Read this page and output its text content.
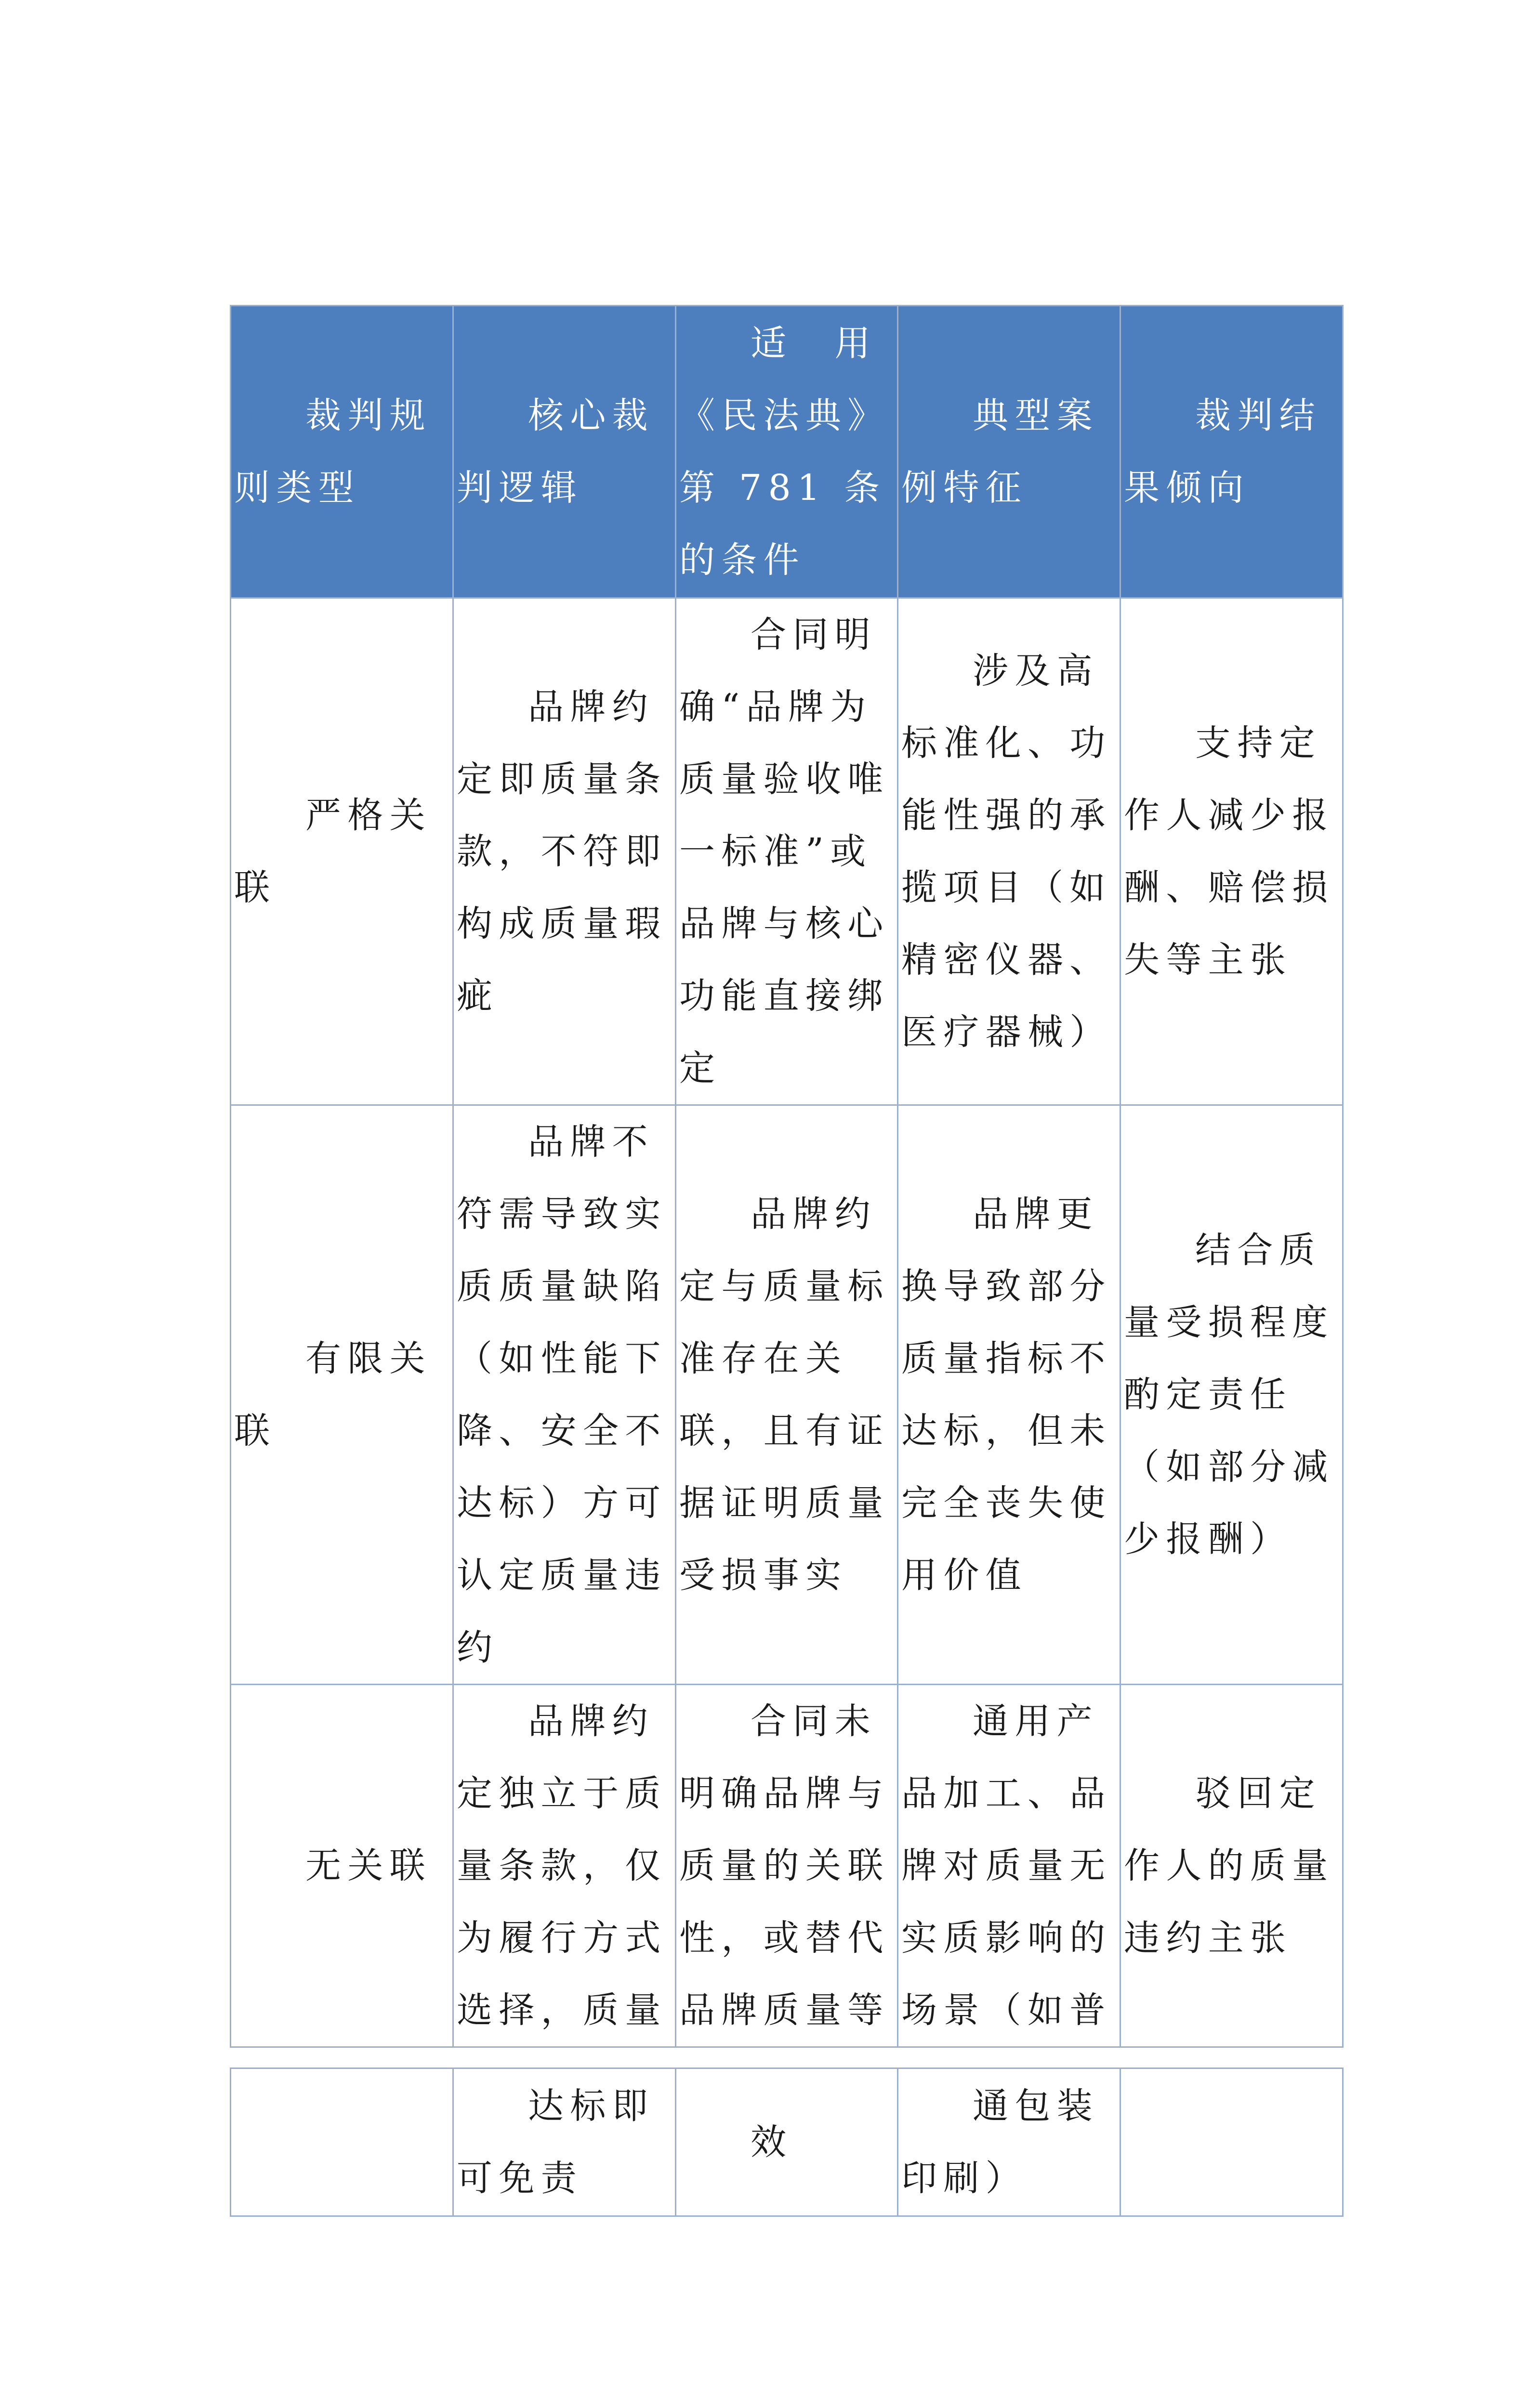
裁判规则类型	核心裁判逻辑	适　用《民法典》第 781 条的条件	典型案例特征	裁判结果倾向
严格关联	品牌约定即质量条款，不符即构成质量瑕疵	合同明确“品牌为质量验收唯一标准”或品牌与核心功能直接绑定	涉及高标准化、功能性强的承揽项目（如精密仪器、医疗器械）	支持定作人减少报酬、赔偿损失等主张
有限关联	品牌不符需导致实质质量缺陷（如性能下降、安全不达标）方可认定质量违约	品牌约定与质量标准存在关联，且有证据证明质量受损事实	品牌更换导致部分质量指标不达标，但未完全丧失使用价值	结合质量受损程度酌定责任（如部分减少报酬）
无关联	品牌约定独立于质量条款，仅为履行方式选择，质量	合同未明确品牌与质量的关联性，或替代品牌质量等	通用产品加工、品牌对质量无实质影响的场景（如普	驳回定作人的质量违约主张
	达标即可免责	效	通包装印刷）	
